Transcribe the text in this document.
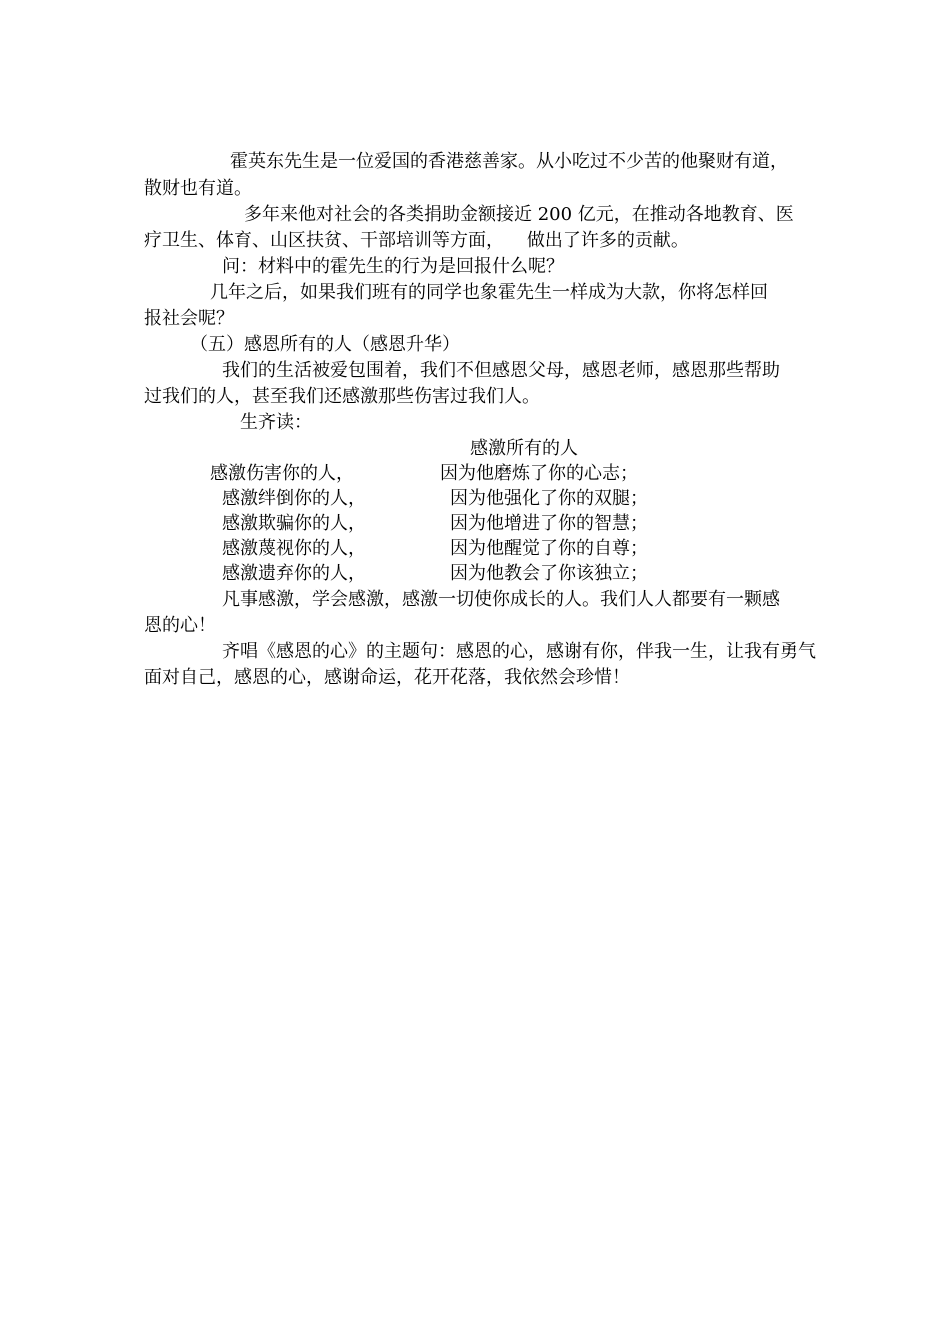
霍英东先生是一位爱国的香港慈善家。从小吃过不少苦的他聚财有道，
散财也有道。
多年来他对社会的各类捐助金额接近 200 亿元，在推动各地教育、医
疗卫生、体育、山区扶贫、干部培训等方面，    做出了许多的贡献。
问：材料中的霍先生的行为是回报什么呢？
几年之后，如果我们班有的同学也象霍先生一样成为大款，你将怎样回
报社会呢？
（五）感恩所有的人（感恩升华）
我们的生活被爱包围着，我们不但感恩父母，感恩老师，感恩那些帮助
过我们的人，甚至我们还感激那些伤害过我们人。
生齐读：
感激所有的人
感激伤害你的人，	因为他磨炼了你的心志；
感激绊倒你的人，	因为他强化了你的双腿；
感激欺骗你的人，	因为他增进了你的智慧；
感激蔑视你的人，	因为他醒觉了你的自尊；
感激遗弃你的人，	因为他教会了你该独立；
凡事感激，学会感激，感激一切使你成长的人。我们人人都要有一颗感
恩的心！
齐唱《感恩的心》的主题句：感恩的心，感谢有你，伴我一生，让我有勇气
面对自己，感恩的心，感谢命运，花开花落，我依然会珍惜！
